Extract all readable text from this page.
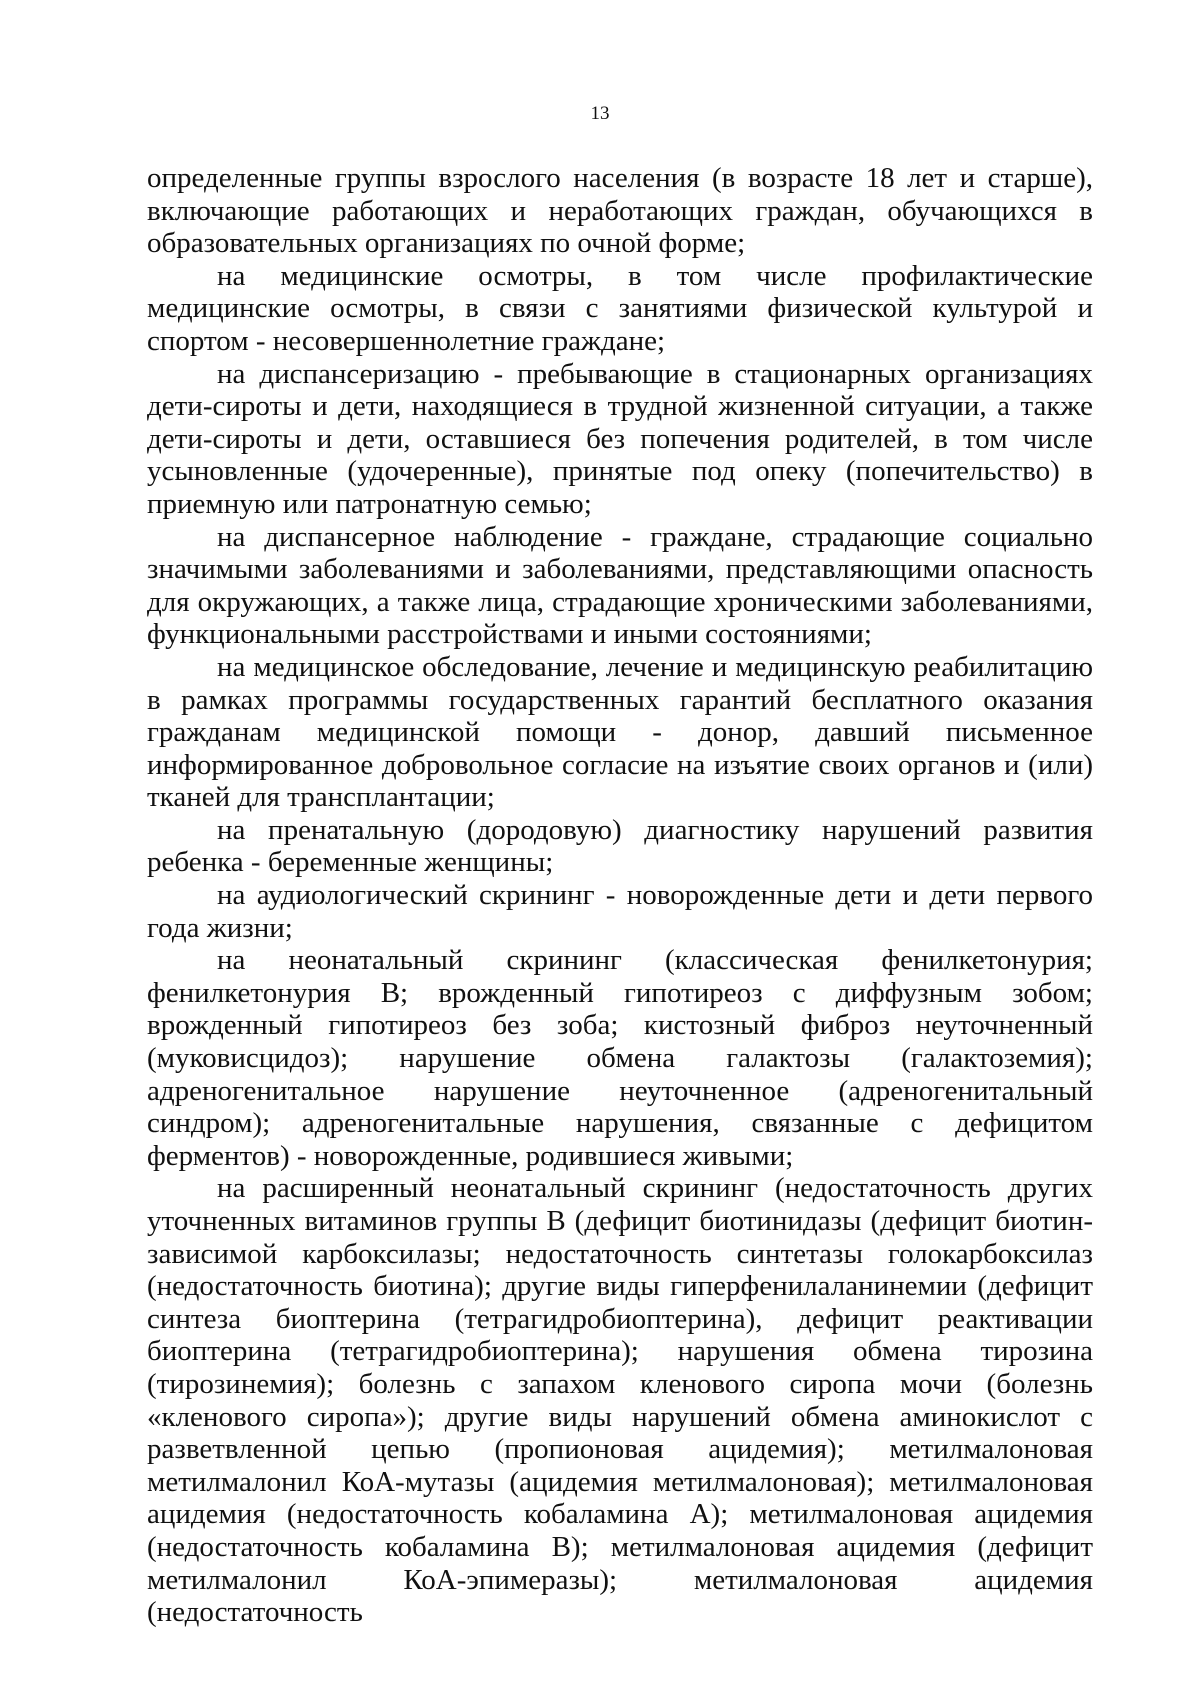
13

определенные группы взрослого населения (в возрасте 18 лет и старше), включающие работающих и неработающих граждан, обучающихся в образовательных организациях по очной форме;

на медицинские осмотры, в том числе профилактические медицинские осмотры, в связи с занятиями физической культурой и спортом - несовершеннолетние граждане;

на диспансеризацию - пребывающие в стационарных организациях дети-сироты и дети, находящиеся в трудной жизненной ситуации, а также дети-сироты и дети, оставшиеся без попечения родителей, в том числе усыновленные (удочеренные), принятые под опеку (попечительство) в приемную или патронатную семью;

на диспансерное наблюдение - граждане, страдающие социально значимыми заболеваниями и заболеваниями, представляющими опасность для окружающих, а также лица, страдающие хроническими заболеваниями, функциональными расстройствами и иными состояниями;

на медицинское обследование, лечение и медицинскую реабилитацию в рамках программы государственных гарантий бесплатного оказания гражданам медицинской помощи - донор, давший письменное информированное добровольное согласие на изъятие своих органов и (или) тканей для трансплантации;

на пренатальную (дородовую) диагностику нарушений развития ребенка - беременные женщины;

на аудиологический скрининг - новорожденные дети и дети первого года жизни;

на неонатальный скрининг (классическая фенилкетонурия; фенилкетонурия В; врожденный гипотиреоз с диффузным зобом; врожденный гипотиреоз без зоба; кистозный фиброз неуточненный (муковисцидоз); нарушение обмена галактозы (галактоземия); адреногенитальное нарушение неуточненное (адреногенитальный синдром); адреногенитальные нарушения, связанные с дефицитом ферментов) - новорожденные, родившиеся живыми;

на расширенный неонатальный скрининг (недостаточность других уточненных витаминов группы В (дефицит биотинидазы (дефицит биотин-зависимой карбоксилазы; недостаточность синтетазы голокарбоксилаз (недостаточность биотина); другие виды гиперфенилаланинемии (дефицит синтеза биоптерина (тетрагидробиоптерина), дефицит реактивации биоптерина (тетрагидробиоптерина); нарушения обмена тирозина (тирозинемия); болезнь с запахом кленового сиропа мочи (болезнь «кленового сиропа»); другие виды нарушений обмена аминокислот с разветвленной цепью (пропионовая ацидемия); метилмалоновая метилмалонил КоА-мутазы (ацидемия метилмалоновая); метилмалоновая ацидемия (недостаточность кобаламина А); метилмалоновая ацидемия (недостаточность кобаламина В); метилмалоновая ацидемия (дефицит метилмалонил КоА-эпимеразы); метилмалоновая ацидемия (недостаточность
